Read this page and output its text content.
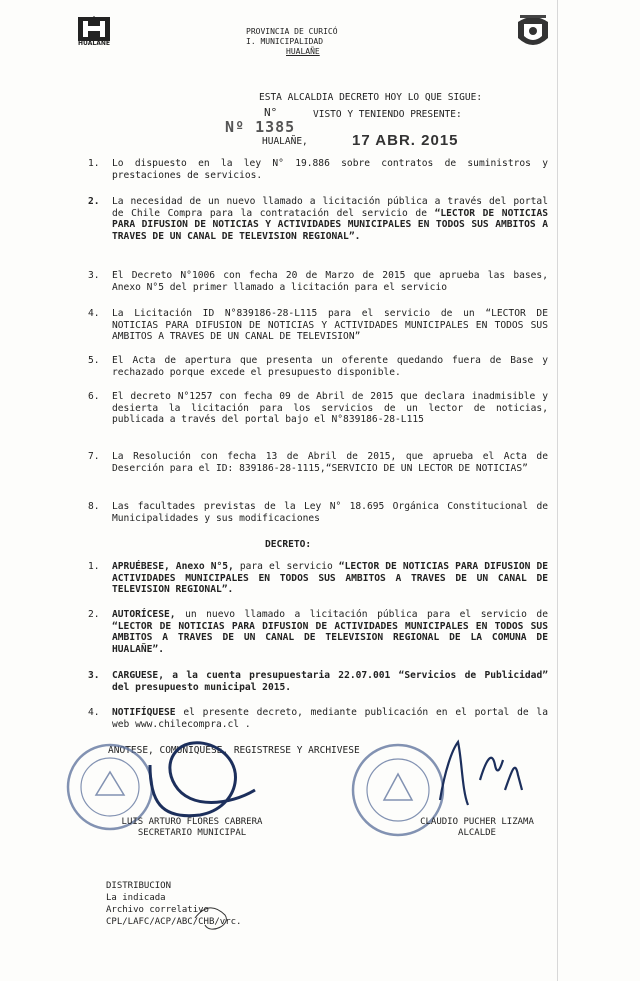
HUALAÑE
PROVINCIA DE CURICÓ
I. MUNICIPALIDAD
HUALAÑE
ESTA ALCALDIA DECRETO HOY LO QUE SIGUE:
N°	VISTO Y TENIENDO PRESENTE:
Nº 1385
HUALAÑE,	17 ABR. 2015
1. Lo dispuesto en la ley N° 19.886 sobre contratos de suministros y prestaciones de servicios.
2. La necesidad de un nuevo llamado a licitación pública a través del portal de Chile Compra para la contratación del servicio de “LECTOR DE NOTICIAS PARA DIFUSION DE NOTICIAS Y ACTIVIDADES MUNICIPALES EN TODOS SUS AMBITOS A TRAVES DE UN CANAL DE TELEVISION REGIONAL”.
3. El Decreto N°1006 con fecha 20 de Marzo de 2015 que aprueba las bases, Anexo N°5 del primer llamado a licitación para el servicio
4. La Licitación ID N°839186-28-L115 para el servicio de un “LECTOR DE NOTICIAS PARA DIFUSION DE NOTICIAS Y ACTIVIDADES MUNICIPALES EN TODOS SUS AMBITOS A TRAVES DE UN CANAL DE TELEVISION”
5. El Acta de apertura que presenta un oferente quedando fuera de Base y rechazado porque excede el presupuesto disponible.
6. El decreto N°1257 con fecha 09 de Abril de 2015 que declara inadmisible y desierta la licitación para los servicios de un lector de noticias, publicada a través del portal bajo el N°839186-28-L115
7. La Resolución con fecha 13 de Abril de 2015, que aprueba el Acta de Deserción para el ID: 839186-28-1115,“SERVICIO DE UN LECTOR DE NOTICIAS”
8. Las facultades previstas de la Ley N° 18.695 Orgánica Constitucional de Municipalidades y sus modificaciones
DECRETO:
1. APRUÉBESE, Anexo N°5, para el servicio “LECTOR DE NOTICIAS PARA DIFUSION DE ACTIVIDADES MUNICIPALES EN TODOS SUS AMBITOS A TRAVES DE UN CANAL DE TELEVISION REGIONAL”.
2. AUTORÍCESE, un nuevo llamado a licitación pública para el servicio de “LECTOR DE NOTICIAS PARA DIFUSION DE ACTIVIDADES MUNICIPALES EN TODOS SUS AMBITOS A TRAVES DE UN CANAL DE TELEVISION REGIONAL DE LA COMUNA DE HUALAÑE”.
3. CARGUESE, a la cuenta presupuestaria 22.07.001 “Servicios de Publicidad” del presupuesto municipal 2015.
4. NOTIFÍQUESE el presente decreto, mediante publicación en el portal de la web www.chilecompra.cl .
ANOTESE, COMUNIQUESE, REGISTRESE Y ARCHIVESE
LUIS ARTURO FLORES CABRERA
SECRETARIO MUNICIPAL
CLAUDIO PUCHER LIZAMA
ALCALDE
DISTRIBUCION
La indicada
Archivo correlativo
CPL/LAFC/ACP/ABC/CHB/vrc.
